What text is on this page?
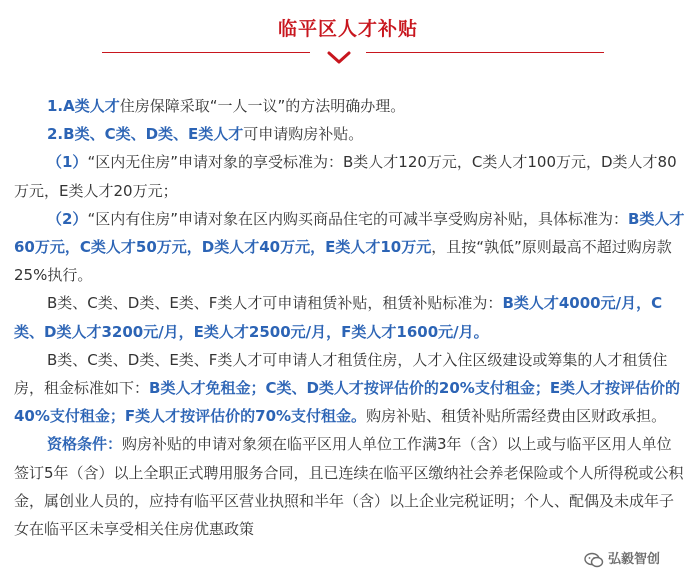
临平区人才补贴

1.A类人才住房保障采取“一人一议”的方法明确办理。

2.B类、C类、D类、E类人才可申请购房补贴。

（1）“区内无住房”申请对象的享受标准为：B类人才120万元，C类人才100万元，D类人才80万元，E类人才20万元；

（2）“区内有住房”申请对象在区内购买商品住宅的可减半享受购房补贴，具体标准为：B类人才60万元，C类人才50万元，D类人才40万元，E类人才10万元，且按“孰低”原则最高不超过购房款25%执行。

B类、C类、D类、E类、F类人才可申请租赁补贴，租赁补贴标准为：B类人才4000元/月，C类、D类人才3200元/月，E类人才2500元/月，F类人才1600元/月。

B类、C类、D类、E类、F类人才可申请人才租赁住房，人才入住区级建设或筹集的人才租赁住房，租金标准如下：B类人才免租金；C类、D类人才按评估价的20%支付租金；E类人才按评估价的40%支付租金；F类人才按评估价的70%支付租金。购房补贴、租赁补贴所需经费由区财政承担。

资格条件：购房补贴的申请对象须在临平区用人单位工作满3年（含）以上或与临平区用人单位签订5年（含）以上全职正式聘用服务合同，且已连续在临平区缴纳社会养老保险或个人所得税或公积金，属创业人员的，应持有临平区营业执照和半年（含）以上企业完税证明；个人、配偶及未成年子女在临平区未享受相关住房优惠政策

弘毅智创
